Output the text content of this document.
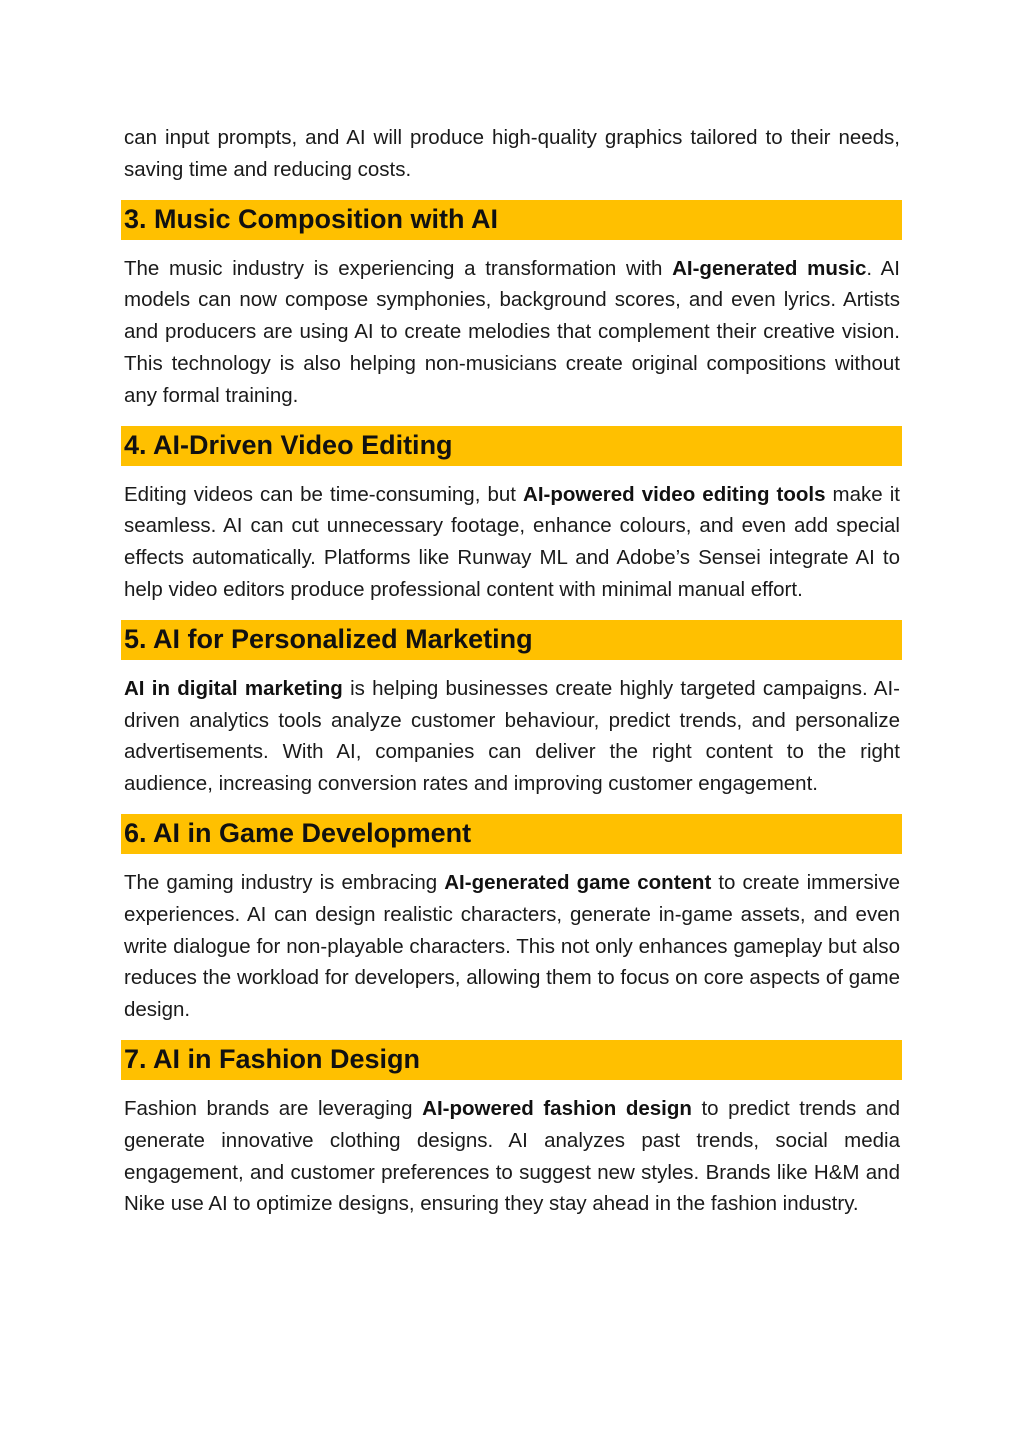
can input prompts, and AI will produce high-quality graphics tailored to their needs, saving time and reducing costs.

3. Music Composition with AI

The music industry is experiencing a transformation with AI-generated music. AI models can now compose symphonies, background scores, and even lyrics. Artists and producers are using AI to create melodies that complement their creative vision. This technology is also helping non-musicians create original compositions without any formal training.

4. AI-Driven Video Editing

Editing videos can be time-consuming, but AI-powered video editing tools make it seamless. AI can cut unnecessary footage, enhance colours, and even add special effects automatically. Platforms like Runway ML and Adobe’s Sensei integrate AI to help video editors produce professional content with minimal manual effort.

5. AI for Personalized Marketing

AI in digital marketing is helping businesses create highly targeted campaigns. AI-driven analytics tools analyze customer behaviour, predict trends, and personalize advertisements. With AI, companies can deliver the right content to the right audience, increasing conversion rates and improving customer engagement.

6. AI in Game Development

The gaming industry is embracing AI-generated game content to create immersive experiences. AI can design realistic characters, generate in-game assets, and even write dialogue for non-playable characters. This not only enhances gameplay but also reduces the workload for developers, allowing them to focus on core aspects of game design.

7. AI in Fashion Design

Fashion brands are leveraging AI-powered fashion design to predict trends and generate innovative clothing designs. AI analyzes past trends, social media engagement, and customer preferences to suggest new styles. Brands like H&M and Nike use AI to optimize designs, ensuring they stay ahead in the fashion industry.
